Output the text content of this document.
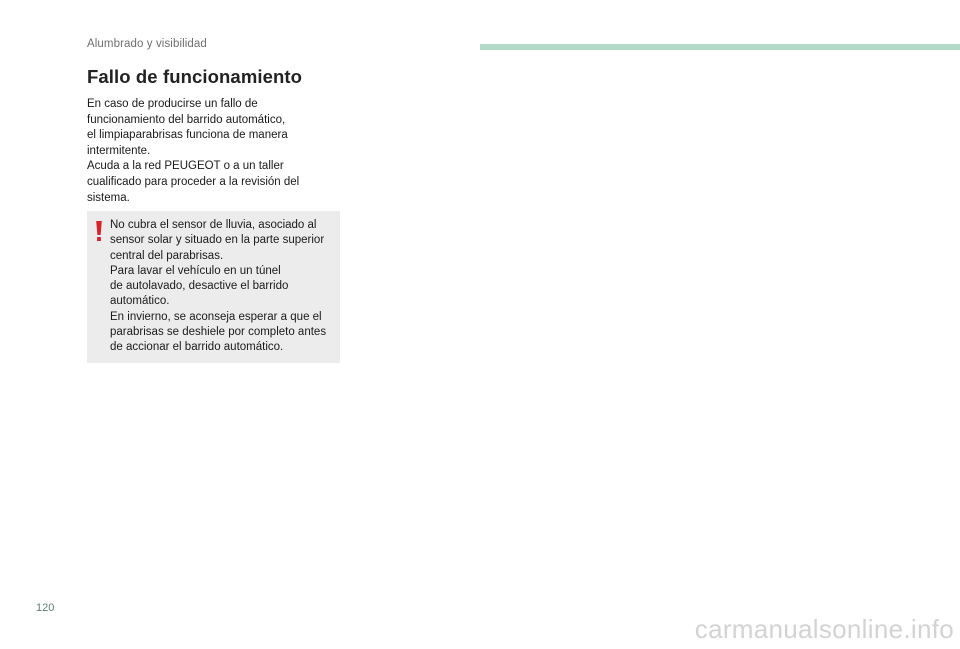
Alumbrado y visibilidad
Fallo de funcionamiento
En caso de producirse un fallo de
funcionamiento del barrido automático,
el limpiaparabrisas funciona de manera
intermitente.
Acuda a la red PEUGEOT o a un taller
cualificado para proceder a la revisión del
sistema.
No cubra el sensor de lluvia, asociado al
sensor solar y situado en la parte superior
central del parabrisas.
Para lavar el vehículo en un túnel
de autolavado, desactive el barrido
automático.
En invierno, se aconseja esperar a que el
parabrisas se deshiele por completo antes
de accionar el barrido automático.
120
carmanualsonline.info
